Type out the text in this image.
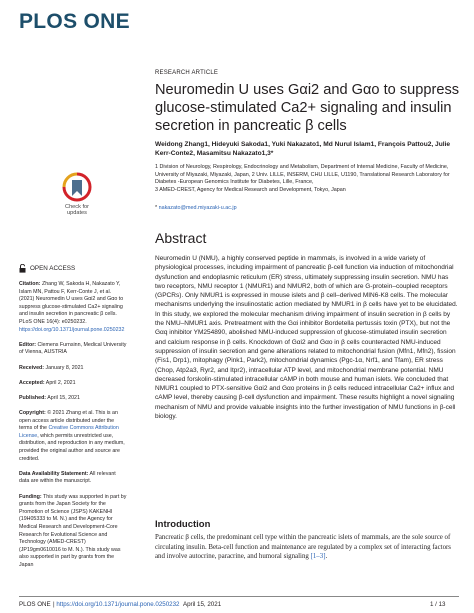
PLOS ONE
Check for
updates
RESEARCH ARTICLE
Neuromedin U uses Gαi2 and Gαo to suppress glucose-stimulated Ca2+ signaling and insulin secretion in pancreatic β cells
Weidong Zhang1, Hideyuki Sakoda1, Yuki Nakazato1, Md Nurul Islam1, François Pattou2, Julie Kerr-Conte2, Masamitsu Nakazato1,3*

1 Division of Neurology, Respirology, Endocrinology and Metabolism, Department of Internal Medicine, Faculty of Medicine, University of Miyazaki, Miyazaki, Japan, 2 Univ. LILLE, INSERM, CHU LILLE, U1190, Translational Research Laboratory for Diabetes -European Genomics Institute for Diabetes, Lille, France,

3 AMED-CREST, Agency for Medical Research and Development, Tokyo, Japan

* nakazato@med.miyazaki-u.ac.jp
Abstract
Neuromedin U (NMU), a highly conserved peptide in mammals, is involved in a wide variety of physiological processes, including impairment of pancreatic β-cell function via induction of mitochondrial dysfunction and endoplasmic reticulum (ER) stress, ultimately suppressing insulin secretion. NMU has two receptors, NMU receptor 1 (NMUR1) and NMUR2, both of which are G-protein–coupled receptors (GPCRs). Only NMUR1 is expressed in mouse islets and β cell–derived MIN6-K8 cells. The molecular mechanisms underlying the insulinostatic action mediated by NMUR1 in β cells have yet to be elucidated. In this study, we explored the molecular mechanism driving impairment of insulin secretion in β cells by the NMU–NMUR1 axis. Pretreatment with the Gαi inhibitor Bordetella pertussis toxin (PTX), but not the Gαq inhibitor YM254890, abolished NMU-induced suppression of glucose-stimulated insulin secretion and calcium response in β cells. Knockdown of Gαi2 and Gαo in β cells counteracted NMU-induced suppression of insulin secretion and gene alterations related to mitochondrial fusion (Mfn1, Mfn2), fission (Fis1, Drp1), mitophagy (Pink1, Park2), mitochondrial dynamics (Pgc-1α, Nrf1, and Tfam), ER stress (Chop, Atp2a3, Ryr2, and Itpr2), intracellular ATP level, and mitochondrial membrane potential. NMU decreased forskolin-stimulated intracellular cAMP in both mouse and human islets. We concluded that NMUR1 coupled to PTX-sensitive Gαi2 and Gαo proteins in β cells reduced intracellular Ca2+ influx and cAMP level, thereby causing β-cell dysfunction and impairment. These results highlight a novel signaling mechanism of NMU and provide valuable insights into the further investigation of NMU functions in β-cell biology.
Introduction
Pancreatic β cells, the predominant cell type within the pancreatic islets of mammals, are the sole source of circulating insulin. Beta-cell function and maintenance are regulated by a complex set of interacting factors and involve autocrine, paracrine, and humoral signaling [1–3].
OPEN ACCESS
Citation: Zhang W, Sakoda H, Nakazato Y, Islam MN, Pattou F, Kerr-Conte J, et al. (2021) Neuromedin U uses Gαi2 and Gαo to suppress glucose-stimulated Ca2+ signaling and insulin secretion in pancreatic β cells. PLoS ONE 16(4): e0250232. https://doi.org/10.1371/journal.pone.0250232
Editor: Clemens Furnsinn, Medical University of Vienna, AUSTRIA
Received: January 8, 2021
Accepted: April 2, 2021
Published: April 15, 2021
Copyright: © 2021 Zhang et al. This is an open access article distributed under the terms of the Creative Commons Attribution License, which permits unrestricted use, distribution, and reproduction in any medium, provided the original author and source are credited.
Data Availability Statement: All relevant data are within the manuscript.
Funding: This study was supported in part by grants from the Japan Society for the Promotion of Science (JSPS) KAKENHI (19H05333 to M. N.) and the Agency for Medical Research and Development-Core Research for Evolutional Science and Technology (AMED-CREST) (JP19gm0610016 to M. N.). This study was also supported in part by grants from the Japan
PLOS ONE | https://doi.org/10.1371/journal.pone.0250232 April 15, 2021	1 / 13
